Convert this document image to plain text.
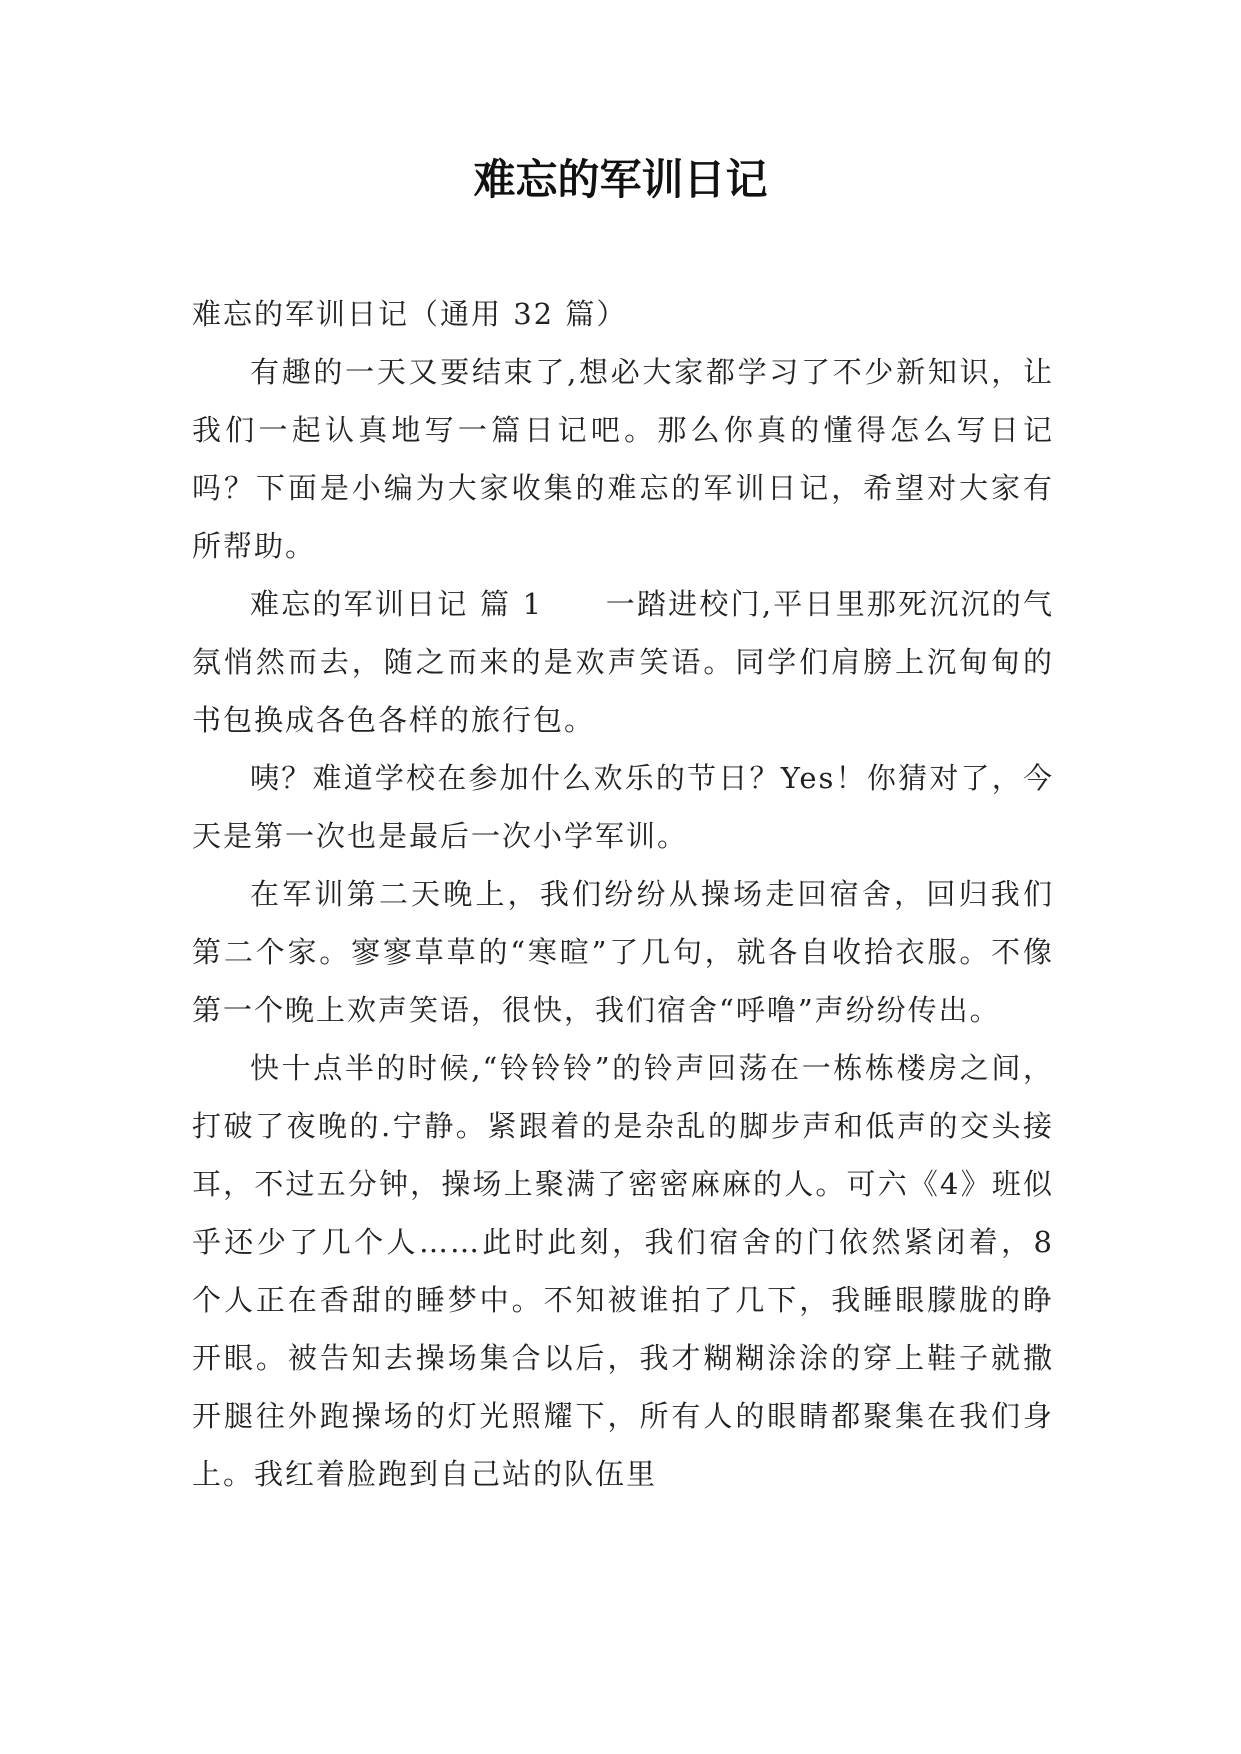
难忘的军训日记

难忘的军训日记（通用 32 篇）

有趣的一天又要结束了,想必大家都学习了不少新知识，让我们一起认真地写一篇日记吧。那么你真的懂得怎么写日记吗？下面是小编为大家收集的难忘的军训日记，希望对大家有所帮助。

难忘的军训日记 篇 1　　一踏进校门,平日里那死沉沉的气氛悄然而去，随之而来的是欢声笑语。同学们肩膀上沉甸甸的书包换成各色各样的旅行包。

咦？难道学校在参加什么欢乐的节日？Yes！你猜对了，今天是第一次也是最后一次小学军训。

在军训第二天晚上，我们纷纷从操场走回宿舍，回归我们第二个家。寥寥草草的“寒暄”了几句，就各自收拾衣服。不像第一个晚上欢声笑语，很快，我们宿舍“呼噜”声纷纷传出。

快十点半的时候,“铃铃铃”的铃声回荡在一栋栋楼房之间，打破了夜晚的.宁静。紧跟着的是杂乱的脚步声和低声的交头接耳，不过五分钟，操场上聚满了密密麻麻的人。可六《4》班似乎还少了几个人……此时此刻，我们宿舍的门依然紧闭着，8 个人正在香甜的睡梦中。不知被谁拍了几下，我睡眼朦胧的睁开眼。被告知去操场集合以后，我才糊糊涂涂的穿上鞋子就撒开腿往外跑操场的灯光照耀下，所有人的眼睛都聚集在我们身上。我红着脸跑到自己站的队伍里
